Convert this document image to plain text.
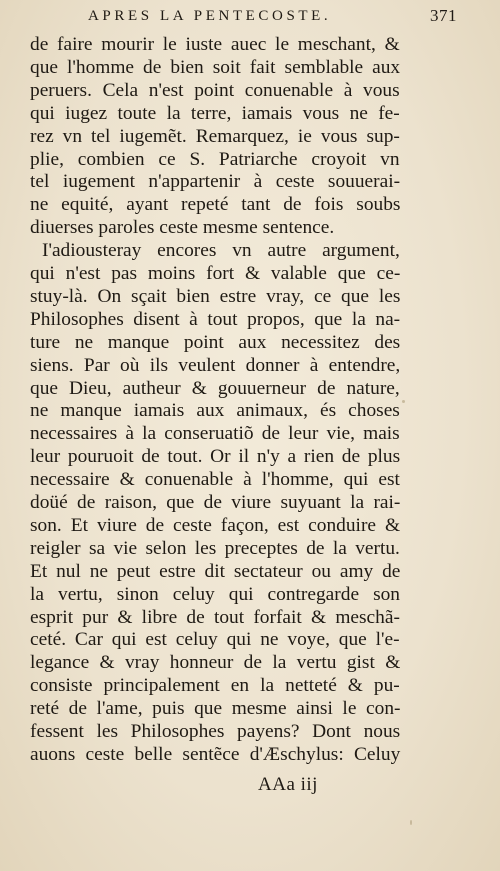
APRES LA PENTECOSTE.	371
de faire mourir le iuste auec le meschant, &
que l'homme de bien soit fait semblable aux
peruers. Cela n'est point conuenable à vous
qui iugez toute la terre, iamais vous ne fe-
rez vn tel iugemẽt. Remarquez, ie vous sup-
plie, combien ce S. Patriarche croyoit vn
tel iugement n'appartenir à ceste souuerai-
ne equité, ayant repeté tant de fois soubs
diuerses paroles ceste mesme sentence.
I'adiousteray encores vn autre argument,
qui n'est pas moins fort & valable que ce-
stuy-là. On sçait bien estre vray, ce que les
Philosophes disent à tout propos, que la na-
ture ne manque point aux necessitez des
siens. Par où ils veulent donner à entendre,
que Dieu, autheur & gouuerneur de nature,
ne manque iamais aux animaux, és choses
necessaires à la conseruatiõ de leur vie, mais
leur pouruoit de tout. Or il n'y a rien de plus
necessaire & conuenable à l'homme, qui est
doüé de raison, que de viure suyuant la rai-
son. Et viure de ceste façon, est conduire &
reigler sa vie selon les preceptes de la vertu.
Et nul ne peut estre dit sectateur ou amy de
la vertu, sinon celuy qui contregarde son
esprit pur & libre de tout forfait & meschã-
ceté. Car qui est celuy qui ne voye, que l'e-
legance & vray honneur de la vertu gist &
consiste principalement en la netteté & pu-
reté de l'ame, puis que mesme ainsi le con-
fessent les Philosophes payens? Dont nous
auons ceste belle sentẽce d'Æschylus: Celuy
AAa iij
